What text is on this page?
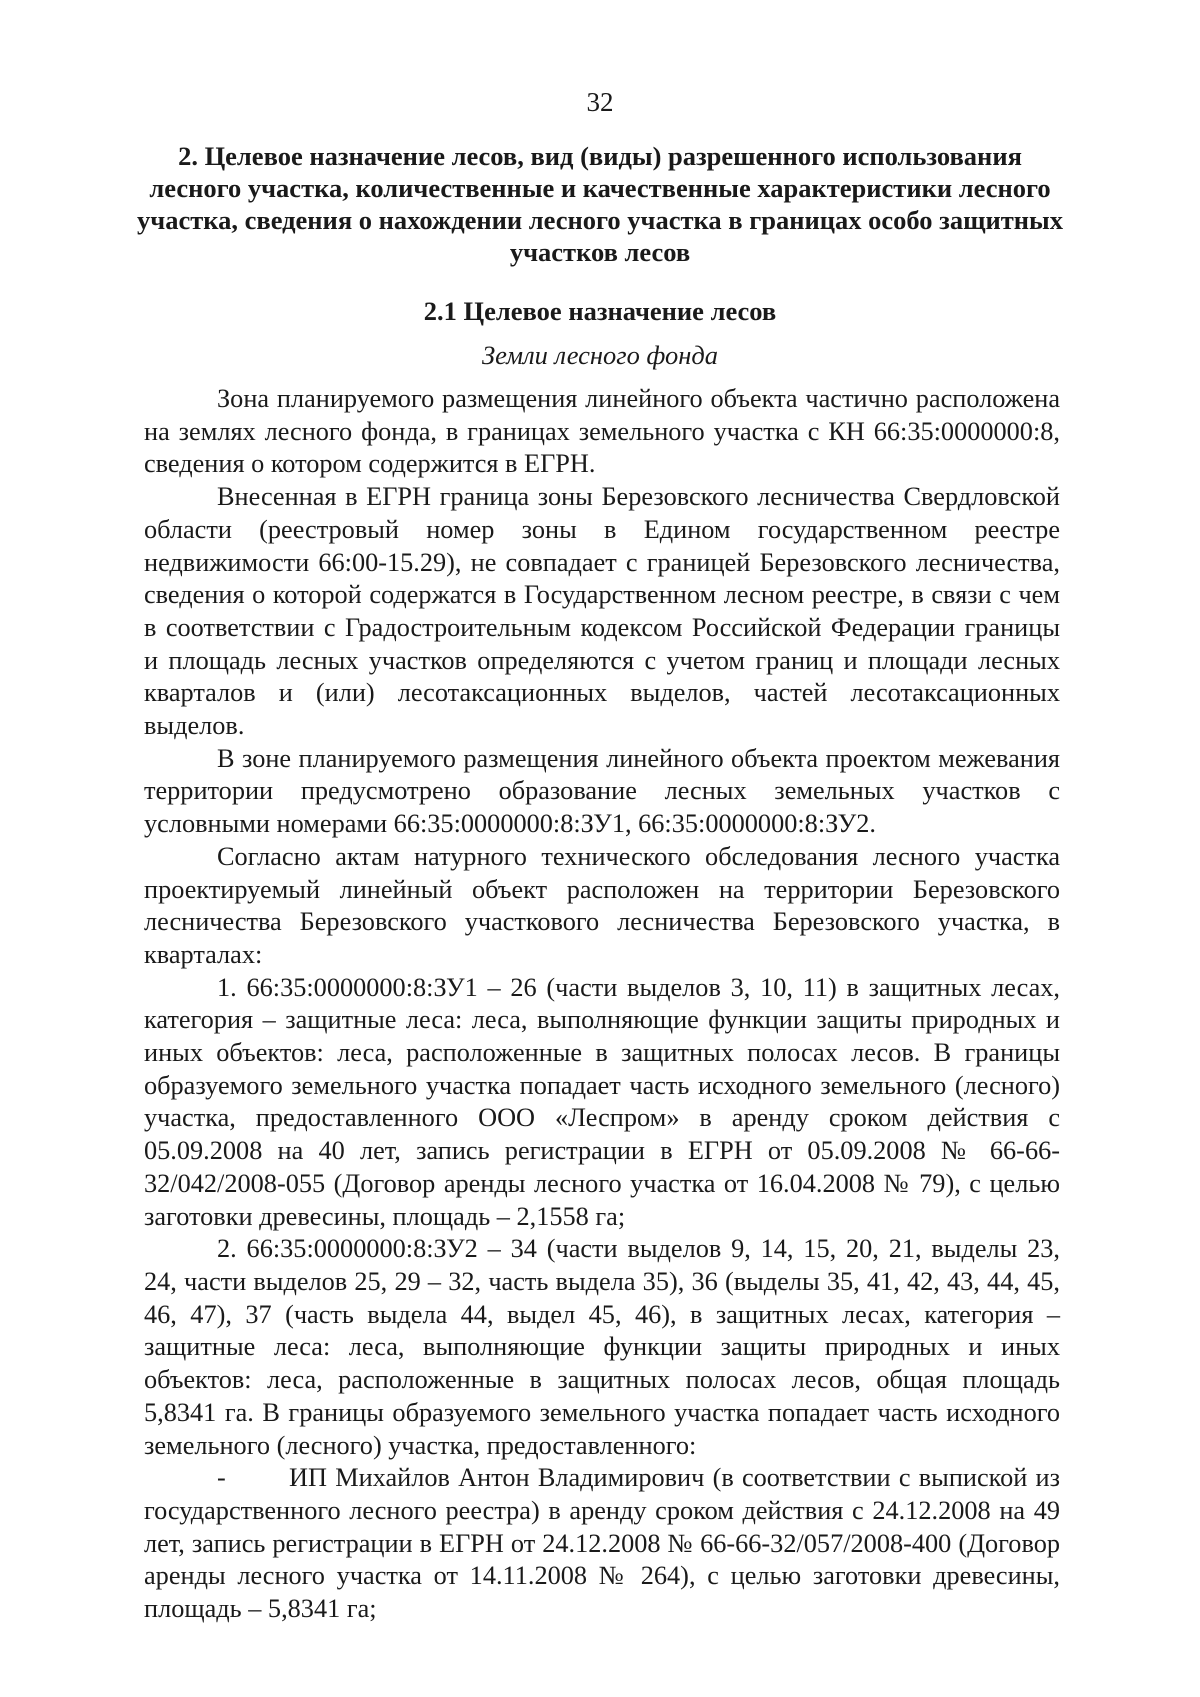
32
2. Целевое назначение лесов, вид (виды) разрешенного использования
лесного участка, количественные и качественные характеристики лесного
участка, сведения о нахождении лесного участка в границах особо защитных
участков лесов
2.1 Целевое назначение лесов
Земли лесного фонда

Зона планируемого размещения линейного объекта частично расположена на землях лесного фонда, в границах земельного участка с КН 66:35:0000000:8, сведения о котором содержится в ЕГРН.

Внесенная в ЕГРН граница зоны Березовского лесничества Свердловской области (реестровый номер зоны в Едином государственном реестре недвижимости 66:00-15.29), не совпадает с границей Березовского лесничества, сведения о которой содержатся в Государственном лесном реестре, в связи с чем в соответствии с Градостроительным кодексом Российской Федерации границы и площадь лесных участков определяются с учетом границ и площади лесных кварталов и (или) лесотаксационных выделов, частей лесотаксационных выделов.

В зоне планируемого размещения линейного объекта проектом межевания территории предусмотрено образование лесных земельных участков с условными номерами 66:35:0000000:8:ЗУ1, 66:35:0000000:8:ЗУ2.

Согласно актам натурного технического обследования лесного участка проектируемый линейный объект расположен на территории Березовского лесничества Березовского участкового лесничества Березовского участка, в кварталах:

1. 66:35:0000000:8:ЗУ1 – 26 (части выделов 3, 10, 11) в защитных лесах, категория – защитные леса: леса, выполняющие функции защиты природных и иных объектов: леса, расположенные в защитных полосах лесов. В границы образуемого земельного участка попадает часть исходного земельного (лесного) участка, предоставленного ООО «Леспром» в аренду сроком действия с 05.09.2008 на 40 лет, запись регистрации в ЕГРН от 05.09.2008 № 66-66-32/042/2008-055 (Договор аренды лесного участка от 16.04.2008 № 79), с целью заготовки древесины, площадь – 2,1558 га;

2. 66:35:0000000:8:ЗУ2 – 34 (части выделов 9, 14, 15, 20, 21, выделы 23, 24, части выделов 25, 29 – 32, часть выдела 35), 36 (выделы 35, 41, 42, 43, 44, 45, 46, 47), 37 (часть выдела 44, выдел 45, 46), в защитных лесах, категория – защитные леса: леса, выполняющие функции защиты природных и иных объектов: леса, расположенные в защитных полосах лесов, общая площадь 5,8341 га. В границы образуемого земельного участка попадает часть исходного земельного (лесного) участка, предоставленного:

- ИП Михайлов Антон Владимирович (в соответствии с выпиской из государственного лесного реестра) в аренду сроком действия с 24.12.2008 на 49 лет, запись регистрации в ЕГРН от 24.12.2008 № 66-66-32/057/2008-400 (Договор аренды лесного участка от 14.11.2008 № 264), с целью заготовки древесины, площадь – 5,8341 га;
